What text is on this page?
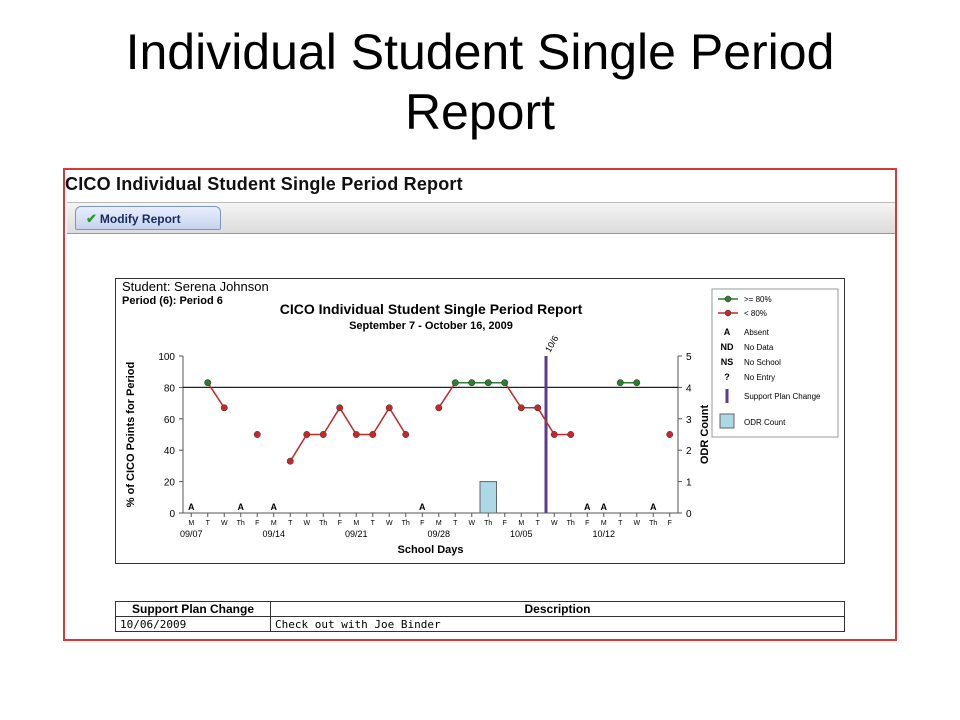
Individual Student Single Period
Report
CICO Individual Student Single Period Report
✔ Modify Report
Student: Serena Johnson
Period (6): Period 6	CICO Individual Student Single Period Report
September 7 - October 16, 2009
0
20
40
60
80
100
0
1
2
3
4
5
M T W Th F M T W Th F M T W Th F M T W Th F M T W Th F M T W Th F
09/07	09/14	09/21	09/28	10/05	10/12
School Days
% of CICO Points for Period	ODR Count
10/6
A	A	A	A	A A	A
>= 80%
< 80%
A Absent
ND No Data
NS No School
? No Entry
Support Plan Change
ODR Count
Support Plan Change	Description
10/06/2009	Check out with Joe Binder
